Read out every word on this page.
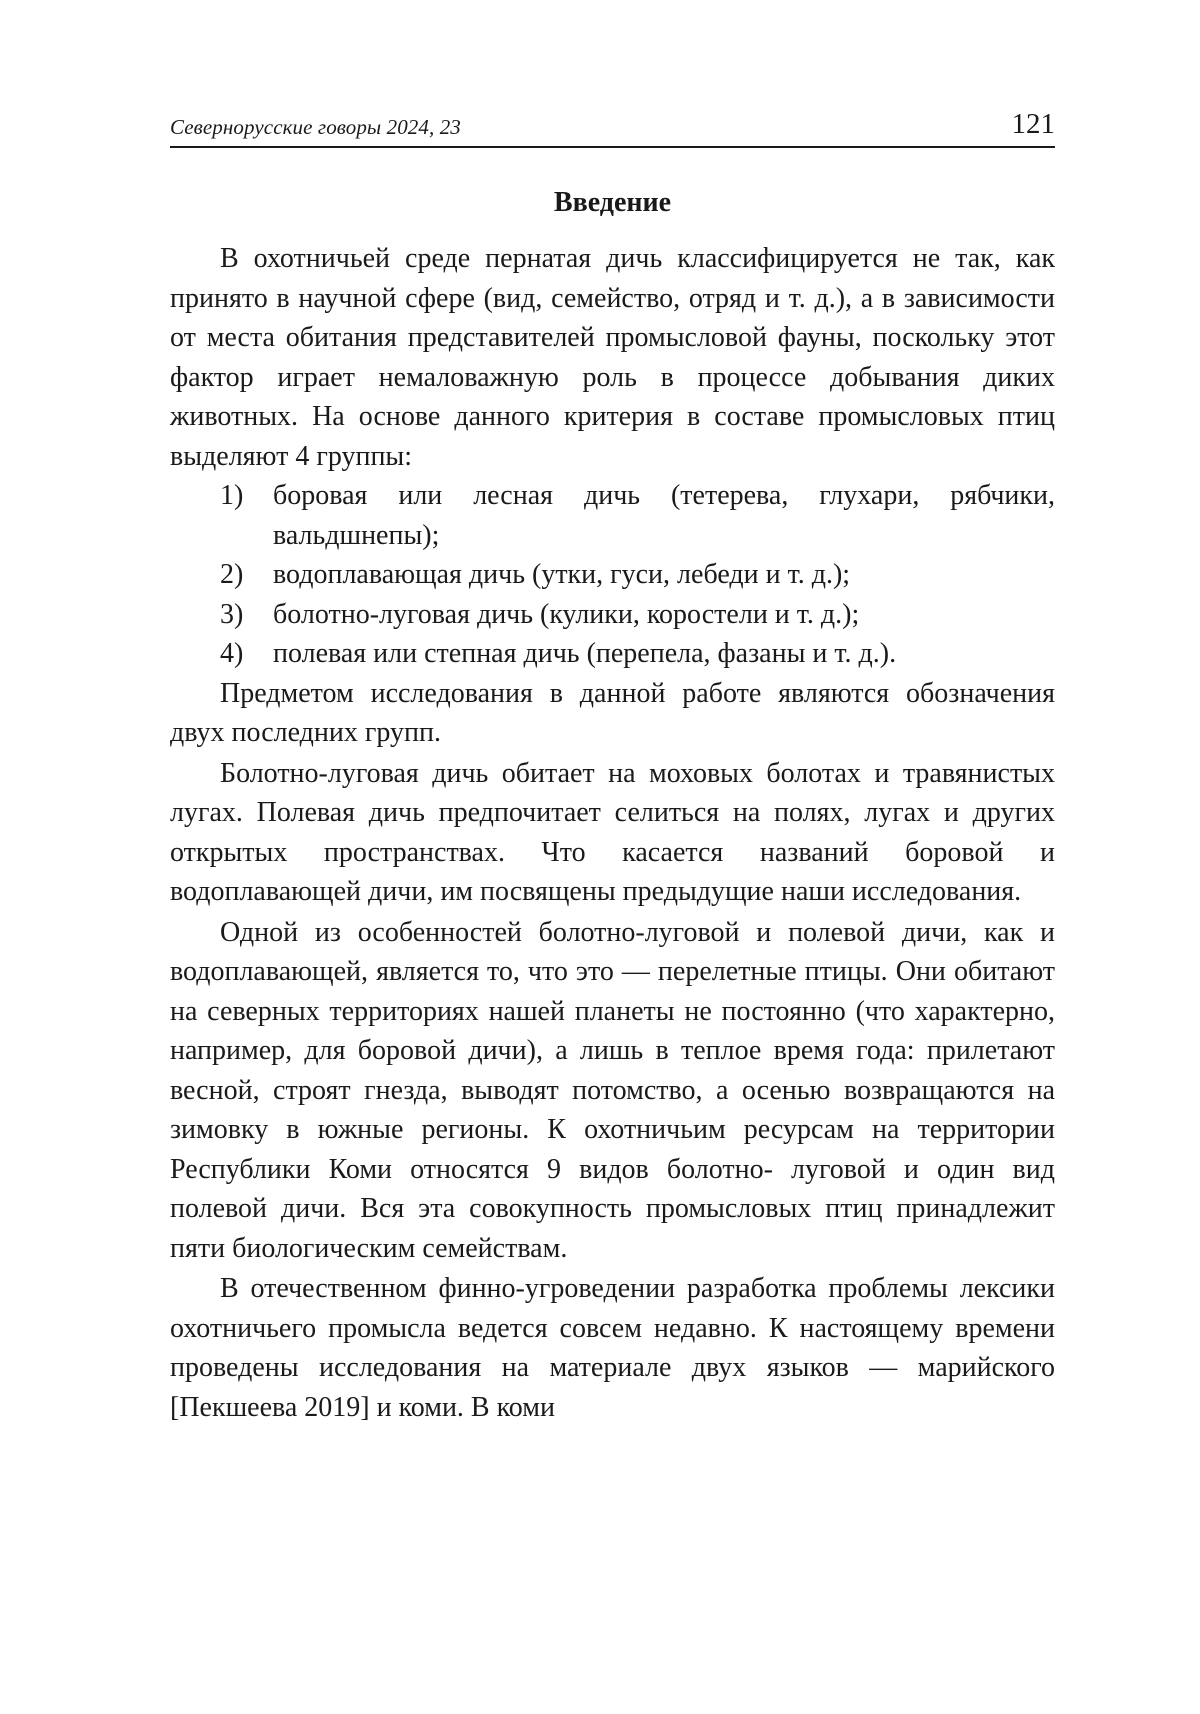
Севернорусские говоры 2024, 23	121
Введение

В охотничьей среде пернатая дичь классифицируется не так, как принято в научной сфере (вид, семейство, отряд и т. д.), а в зависимости от места обитания представителей промысловой фауны, поскольку этот фактор играет немаловажную роль в процессе добывания диких животных. На основе данного критерия в составе промысловых птиц выделяют 4 группы:

1) боровая или лесная дичь (тетерева, глухари, рябчики, вальдшнепы);
2) водоплавающая дичь (утки, гуси, лебеди и т. д.);
3) болотно-луговая дичь (кулики, коростели и т. д.);
4) полевая или степная дичь (перепела, фазаны и т. д.).

Предметом исследования в данной работе являются обозначения двух последних групп.

Болотно-луговая дичь обитает на моховых болотах и травянистых лугах. Полевая дичь предпочитает селиться на полях, лугах и других открытых пространствах. Что касается названий боровой и водоплавающей дичи, им посвящены предыдущие наши исследования.

Одной из особенностей болотно-луговой и полевой дичи, как и водоплавающей, является то, что это — перелетные птицы. Они обитают на северных территориях нашей планеты не постоянно (что характерно, например, для боровой дичи), а лишь в теплое время года: прилетают весной, строят гнезда, выводят потомство, а осенью возвращаются на зимовку в южные регионы. К охотничьим ресурсам на территории Республики Коми относятся 9 видов болотно- луговой и один вид полевой дичи. Вся эта совокупность промысловых птиц принадлежит пяти биологическим семействам.

В отечественном финно-угроведении разработка проблемы лексики охотничьего промысла ведется совсем недавно. К настоящему времени проведены исследования на материале двух языков — марийского [Пекшеева 2019] и коми. В коми
